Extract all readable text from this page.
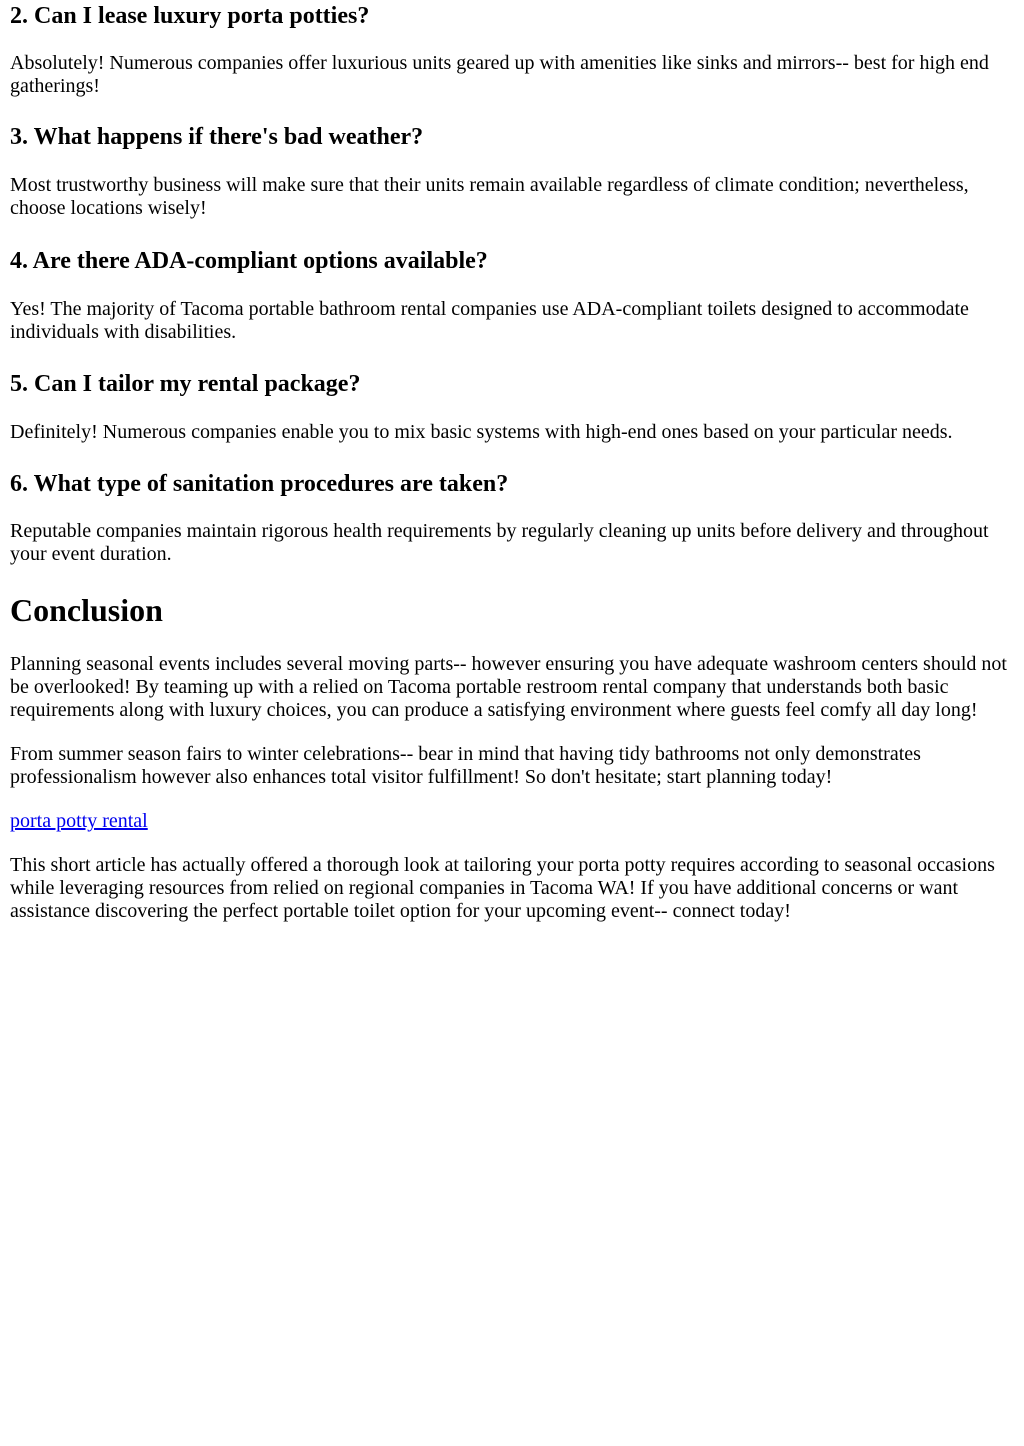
2. Can I lease luxury porta potties?

Absolutely! Numerous companies offer luxurious units geared up with amenities like sinks and mirrors-- best for high end gatherings!

3. What happens if there's bad weather?

Most trustworthy business will make sure that their units remain available regardless of climate condition; nevertheless, choose locations wisely!

4. Are there ADA-compliant options available?

Yes! The majority of Tacoma portable bathroom rental companies use ADA-compliant toilets designed to accommodate individuals with disabilities.

5. Can I tailor my rental package?

Definitely! Numerous companies enable you to mix basic systems with high-end ones based on your particular needs.

6. What type of sanitation procedures are taken?

Reputable companies maintain rigorous health requirements by regularly cleaning up units before delivery and throughout your event duration.

Conclusion

Planning seasonal events includes several moving parts-- however ensuring you have adequate washroom centers should not be overlooked! By teaming up with a relied on Tacoma portable restroom rental company that understands both basic requirements along with luxury choices, you can produce a satisfying environment where guests feel comfy all day long!

From summer season fairs to winter celebrations-- bear in mind that having tidy bathrooms not only demonstrates professionalism however also enhances total visitor fulfillment! So don't hesitate; start planning today!

porta potty rental

This short article has actually offered a thorough look at tailoring your porta potty requires according to seasonal occasions while leveraging resources from relied on regional companies in Tacoma WA! If you have additional concerns or want assistance discovering the perfect portable toilet option for your upcoming event-- connect today!
